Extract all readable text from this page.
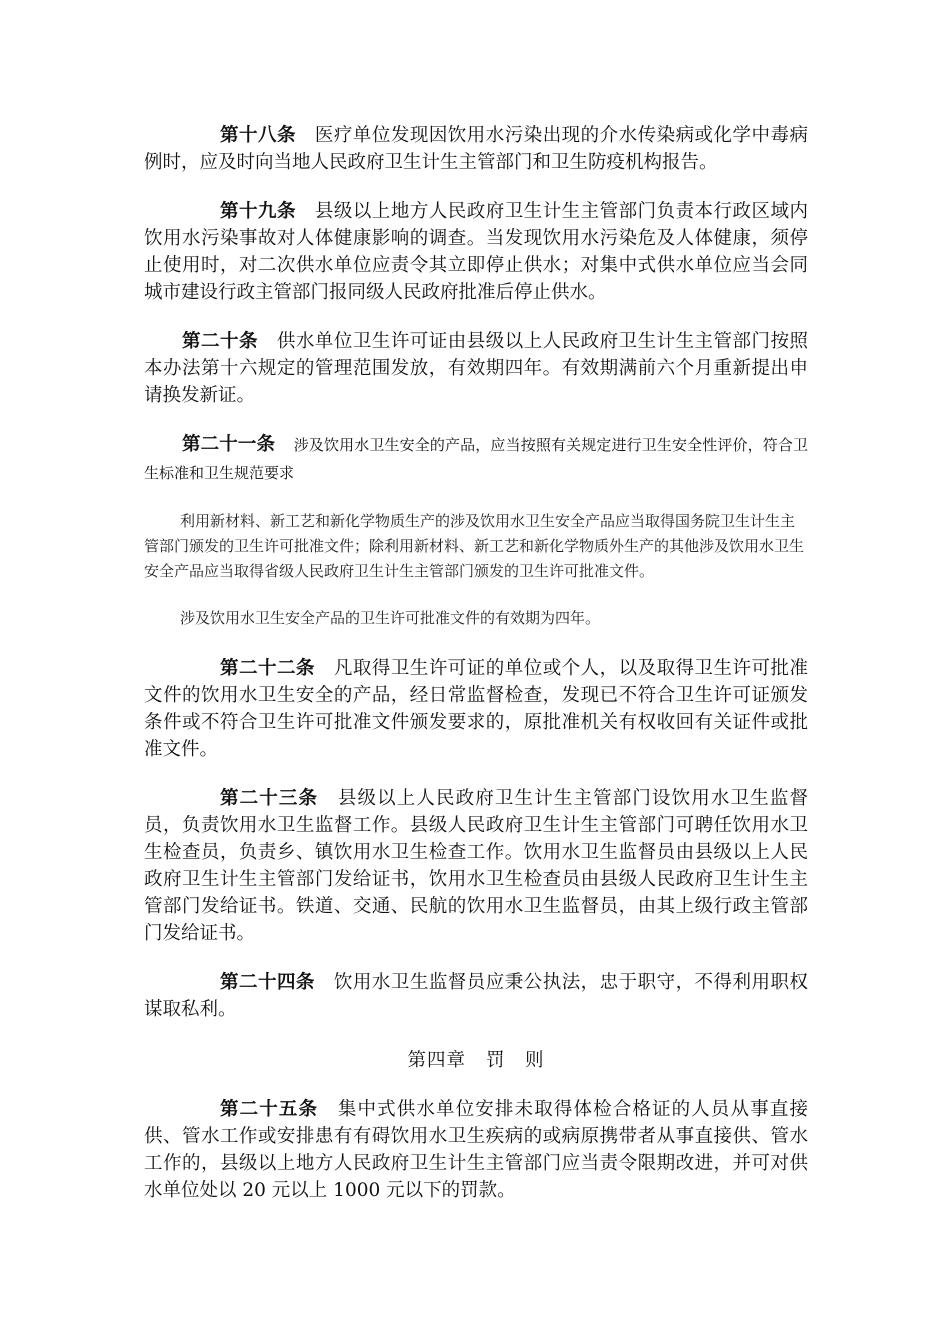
第十八条　 医疗单位发现因饮用水污染出现的介水传染病或化学中毒病例时，应及时向当地人民政府卫生计生主管部门和卫生防疫机构报告。

第十九条　 县级以上地方人民政府卫生计生主管部门负责本行政区域内饮用水污染事故对人体健康影响的调查。当发现饮用水污染危及人体健康，须停止使用时，对二次供水单位应责令其立即停止供水；对集中式供水单位应当会同城市建设行政主管部门报同级人民政府批准后停止供水。

第二十条　 供水单位卫生许可证由县级以上人民政府卫生计生主管部门按照本办法第十六规定的管理范围发放，有效期四年。有效期满前六个月重新提出申请换发新证。

第二十一条　 涉及饮用水卫生安全的产品，应当按照有关规定进行卫生安全性评价，符合卫生标准和卫生规范要求

利用新材料、新工艺和新化学物质生产的涉及饮用水卫生安全产品应当取得国务院卫生计生主管部门颁发的卫生许可批准文件；除利用新材料、新工艺和新化学物质外生产的其他涉及饮用水卫生安全产品应当取得省级人民政府卫生计生主管部门颁发的卫生许可批准文件。

涉及饮用水卫生安全产品的卫生许可批准文件的有效期为四年。

第二十二条　 凡取得卫生许可证的单位或个人，以及取得卫生许可批准文件的饮用水卫生安全的产品，经日常监督检查，发现已不符合卫生许可证颁发条件或不符合卫生许可批准文件颁发要求的，原批准机关有权收回有关证件或批准文件。

第二十三条　 县级以上人民政府卫生计生主管部门设饮用水卫生监督员，负责饮用水卫生监督工作。县级人民政府卫生计生主管部门可聘任饮用水卫生检查员，负责乡、镇饮用水卫生检查工作。饮用水卫生监督员由县级以上人民政府卫生计生主管部门发给证书，饮用水卫生检查员由县级人民政府卫生计生主管部门发给证书。铁道、交通、民航的饮用水卫生监督员，由其上级行政主管部门发给证书。

第二十四条　 饮用水卫生监督员应秉公执法，忠于职守，不得利用职权谋取私利。

第四章 罚　则

第二十五条　 集中式供水单位安排未取得体检合格证的人员从事直接供、管水工作或安排患有有碍饮用水卫生疾病的或病原携带者从事直接供、管水工作的，县级以上地方人民政府卫生计生主管部门应当责令限期改进，并可对供水单位处以 20 元以上 1000 元以下的罚款。
